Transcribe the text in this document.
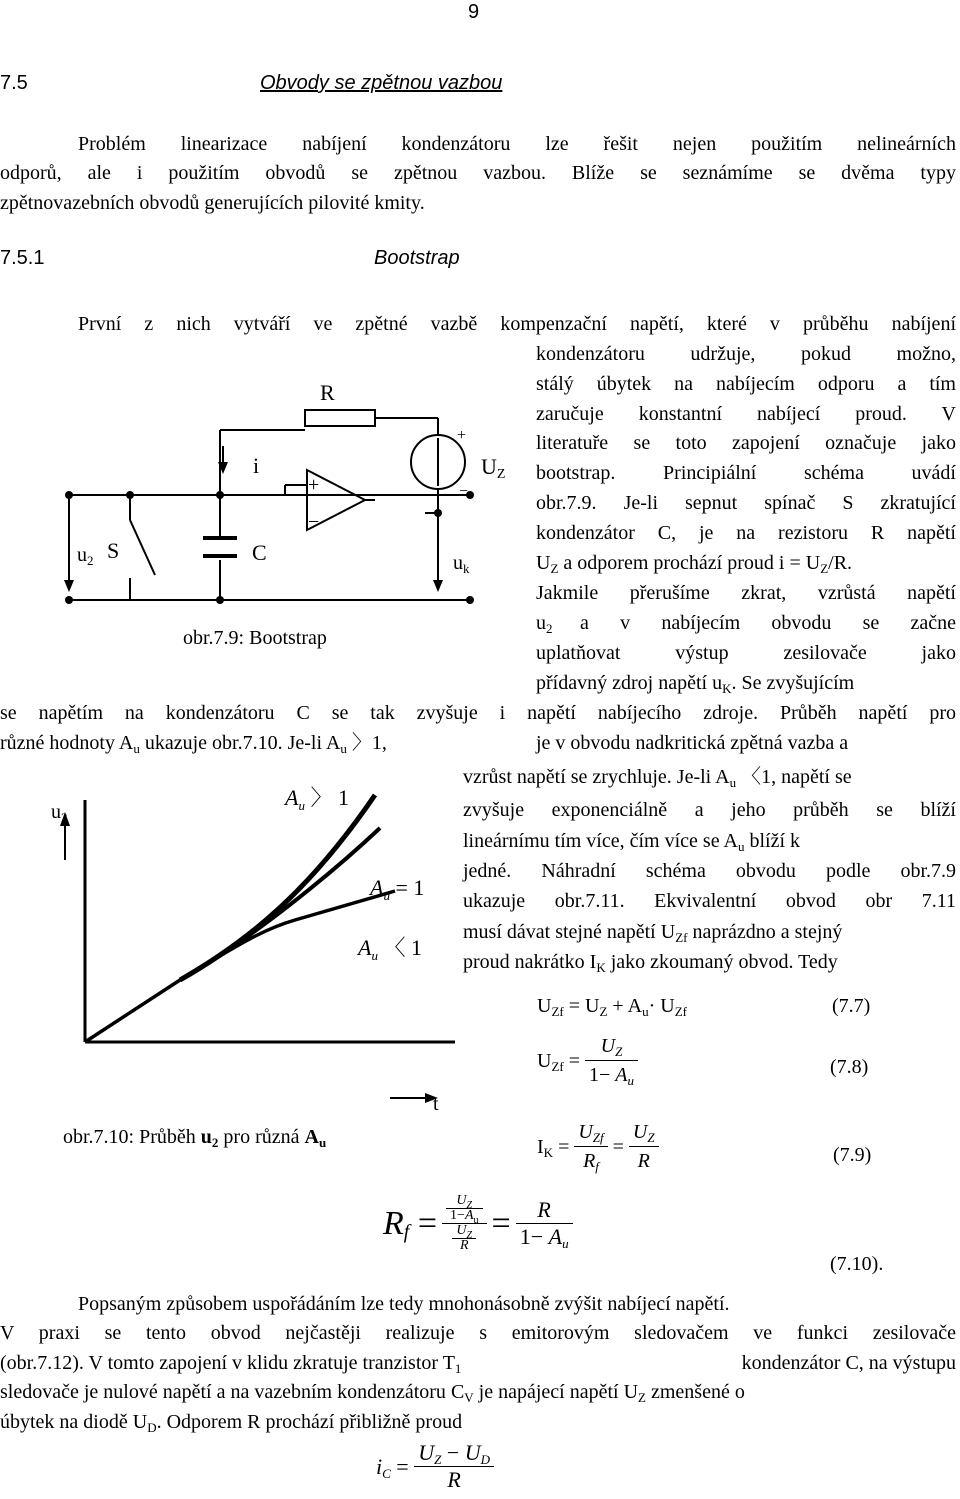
9
7.5	Obvody se zpětnou vazbou
Problém linearizace nabíjení kondenzátoru lze řešit nejen použitím nelineárních
odporů, ale i použitím obvodů se zpětnou vazbou. Blíže se seznámíme se dvěma typy
zpětnovazebních obvodů generujících pilovité kmity.
7.5.1	Bootstrap
První z nich vytváří ve zpětné vazbě kompenzační napětí, které v průběhu nabíjení
kondenzátoru udržuje, pokud možno,
stálý úbytek na nabíjecím odporu a tím
zaručuje konstantní nabíjecí proud. V
literatuře se toto zapojení označuje jako
bootstrap. Principiální schéma uvádí
obr.7.9. Je-li sepnut spínač S zkratující
kondenzátor C, je na rezistoru R napětí
$U_Z$ a odporem prochází proud $i = U_Z/R$.
Jakmile přerušíme zkrat, vzrůstá napětí
$u_2$ a v nabíjecím obvodu se začne
uplatňovat výstup zesilovače jako
přídavný zdroj napětí $u_K$. Se zvyšujícím
se napětím na kondenzátoru C se tak zvyšuje i napětí nabíjecího zdroje. Průběh napětí pro
různé hodnoty $A_u$ ukazuje obr.7.10. Je-li $A_u$ 〉1,	je v obvodu nadkritická zpětná vazba a
vzrůst napětí se zrychluje. Je-li $A_u$ 〈1, napětí se
zvyšuje exponenciálně a jeho průběh se blíží
lineárnímu tím více, čím více se $A_u$ blíží k
jedné. Náhradní schéma obvodu podle obr.7.9
ukazuje obr.7.11. Ekvivalentní obvod obr 7.11
musí dávat stejné napětí $U_{Zf}$ naprázdno a stejný
proud nakrátko $I_K$ jako zkoumaný obvod. Tedy
$U_{Zf} = U_Z + A_u\cdot U_{Zf}$	(7.7)
$U_{Zf} = \frac{U_Z}{1- A_u}$	(7.8)
$I_K = \frac{U_{Zf}}{R_f} = \frac{U_Z}{R}$	(7.9)
$R_f = \frac{\frac{U_Z}{1-A_u}}{\frac{U_Z}{R}} = \frac{R}{1- A_u}$
(7.10).
Popsaným způsobem uspořádáním lze tedy mnohonásobně zvýšit nabíjecí napětí.
V praxi se tento obvod nejčastěji realizuje s emitorovým sledovačem ve funkci zesilovače
(obr.7.12). V tomto zapojení v klidu zkratuje tranzistor $T_1$	kondenzátor C, na výstupu
sledovače je nulové napětí a na vazebním kondenzátoru $C_V$ je napájecí napětí $U_Z$ zmenšené o
úbytek na diodě $U_D$. Odporem R prochází přibližně proud
$i_C = \frac{U_Z - U_D}{R}$
+
−
+
−
R
i
S	C
$u_2$	$u_k$
UZ
obr.7.9: Bootstrap
$u_2$
t
$A_u$ 〉 1
$A_u = 1$
$A_u$ 〈 1
obr.7.10: Průběh $u_2$ pro různá $A_u$
